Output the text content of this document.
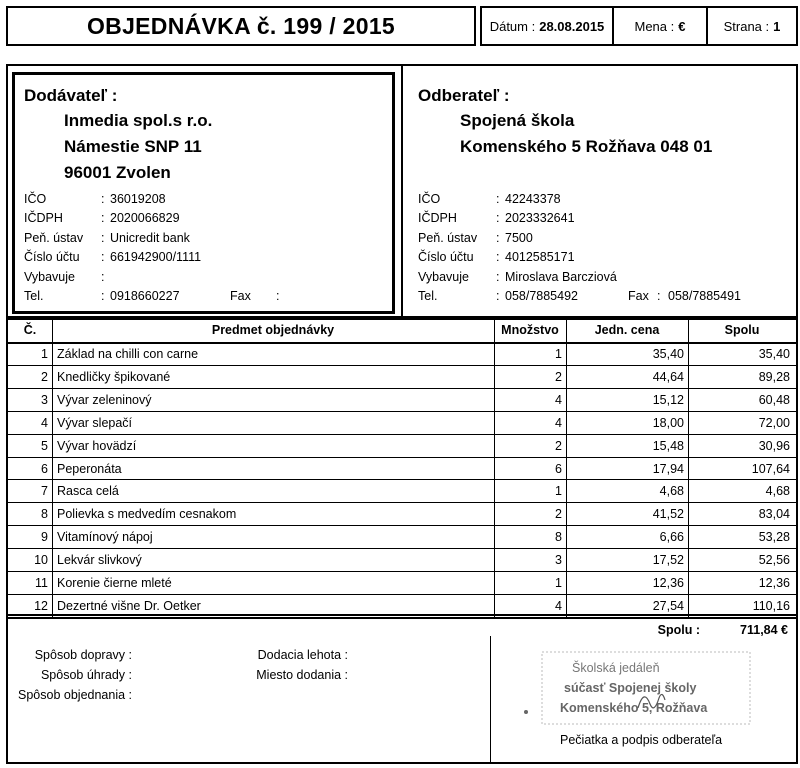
OBJEDNÁVKA č. 199 / 2015	Dátum : 28.08.2015 Mena : €	Strana : 1
Dodávateľ :
Inmedia spol.s r.o.
Námestie SNP 11
96001 Zvolen
IČO	: 36019208
IČDPH	: 2020066829
Peň. ústav : Unicredit bank
Číslo účtu : 661942900/1111
Vybavuje :
Tel.	: 0918660227	Fax :
Odberateľ :
Spojená škola
Komenského 5 Rožňava 048 01
IČO	: 42243378
IČDPH	: 2023332641
Peň. ústav : 7500
Číslo účtu : 4012585171
Vybavuje : Miroslava Barcziová
Tel.	: 058/7885492	Fax : 058/7885491
Č.	Predmet objednávky	Množstvo	Jedn. cena	Spolu
1 Základ na chilli con carne	1	35,40	35,40
2 Knedličky špikované	2	44,64	89,28
3 Vývar zeleninový	4	15,12	60,48
4 Vývar slepačí	4	18,00	72,00
5 Vývar hovädzí	2	15,48	30,96
6 Peperonáta	6	17,94	107,64
7 Rasca celá	1	4,68	4,68
8 Polievka s medvedím cesnakom	2	41,52	83,04
9 Vitamínový nápoj	8	6,66	53,28
10 Lekvár slivkový	3	17,52	52,56
11 Korenie čierne mleté	1	12,36	12,36
12 Dezertné višne Dr. Oetker	4	27,54	110,16
711,84 €
Spolu :
Spôsob dopravy :
Spôsob úhrady :
Spôsob objednania :
Dodacia lehota :
Miesto dodania :	Školská jedáleň
súčasť Spojenej školy
Komenského 5, Rožňava
Pečiatka a podpis odberateľa
